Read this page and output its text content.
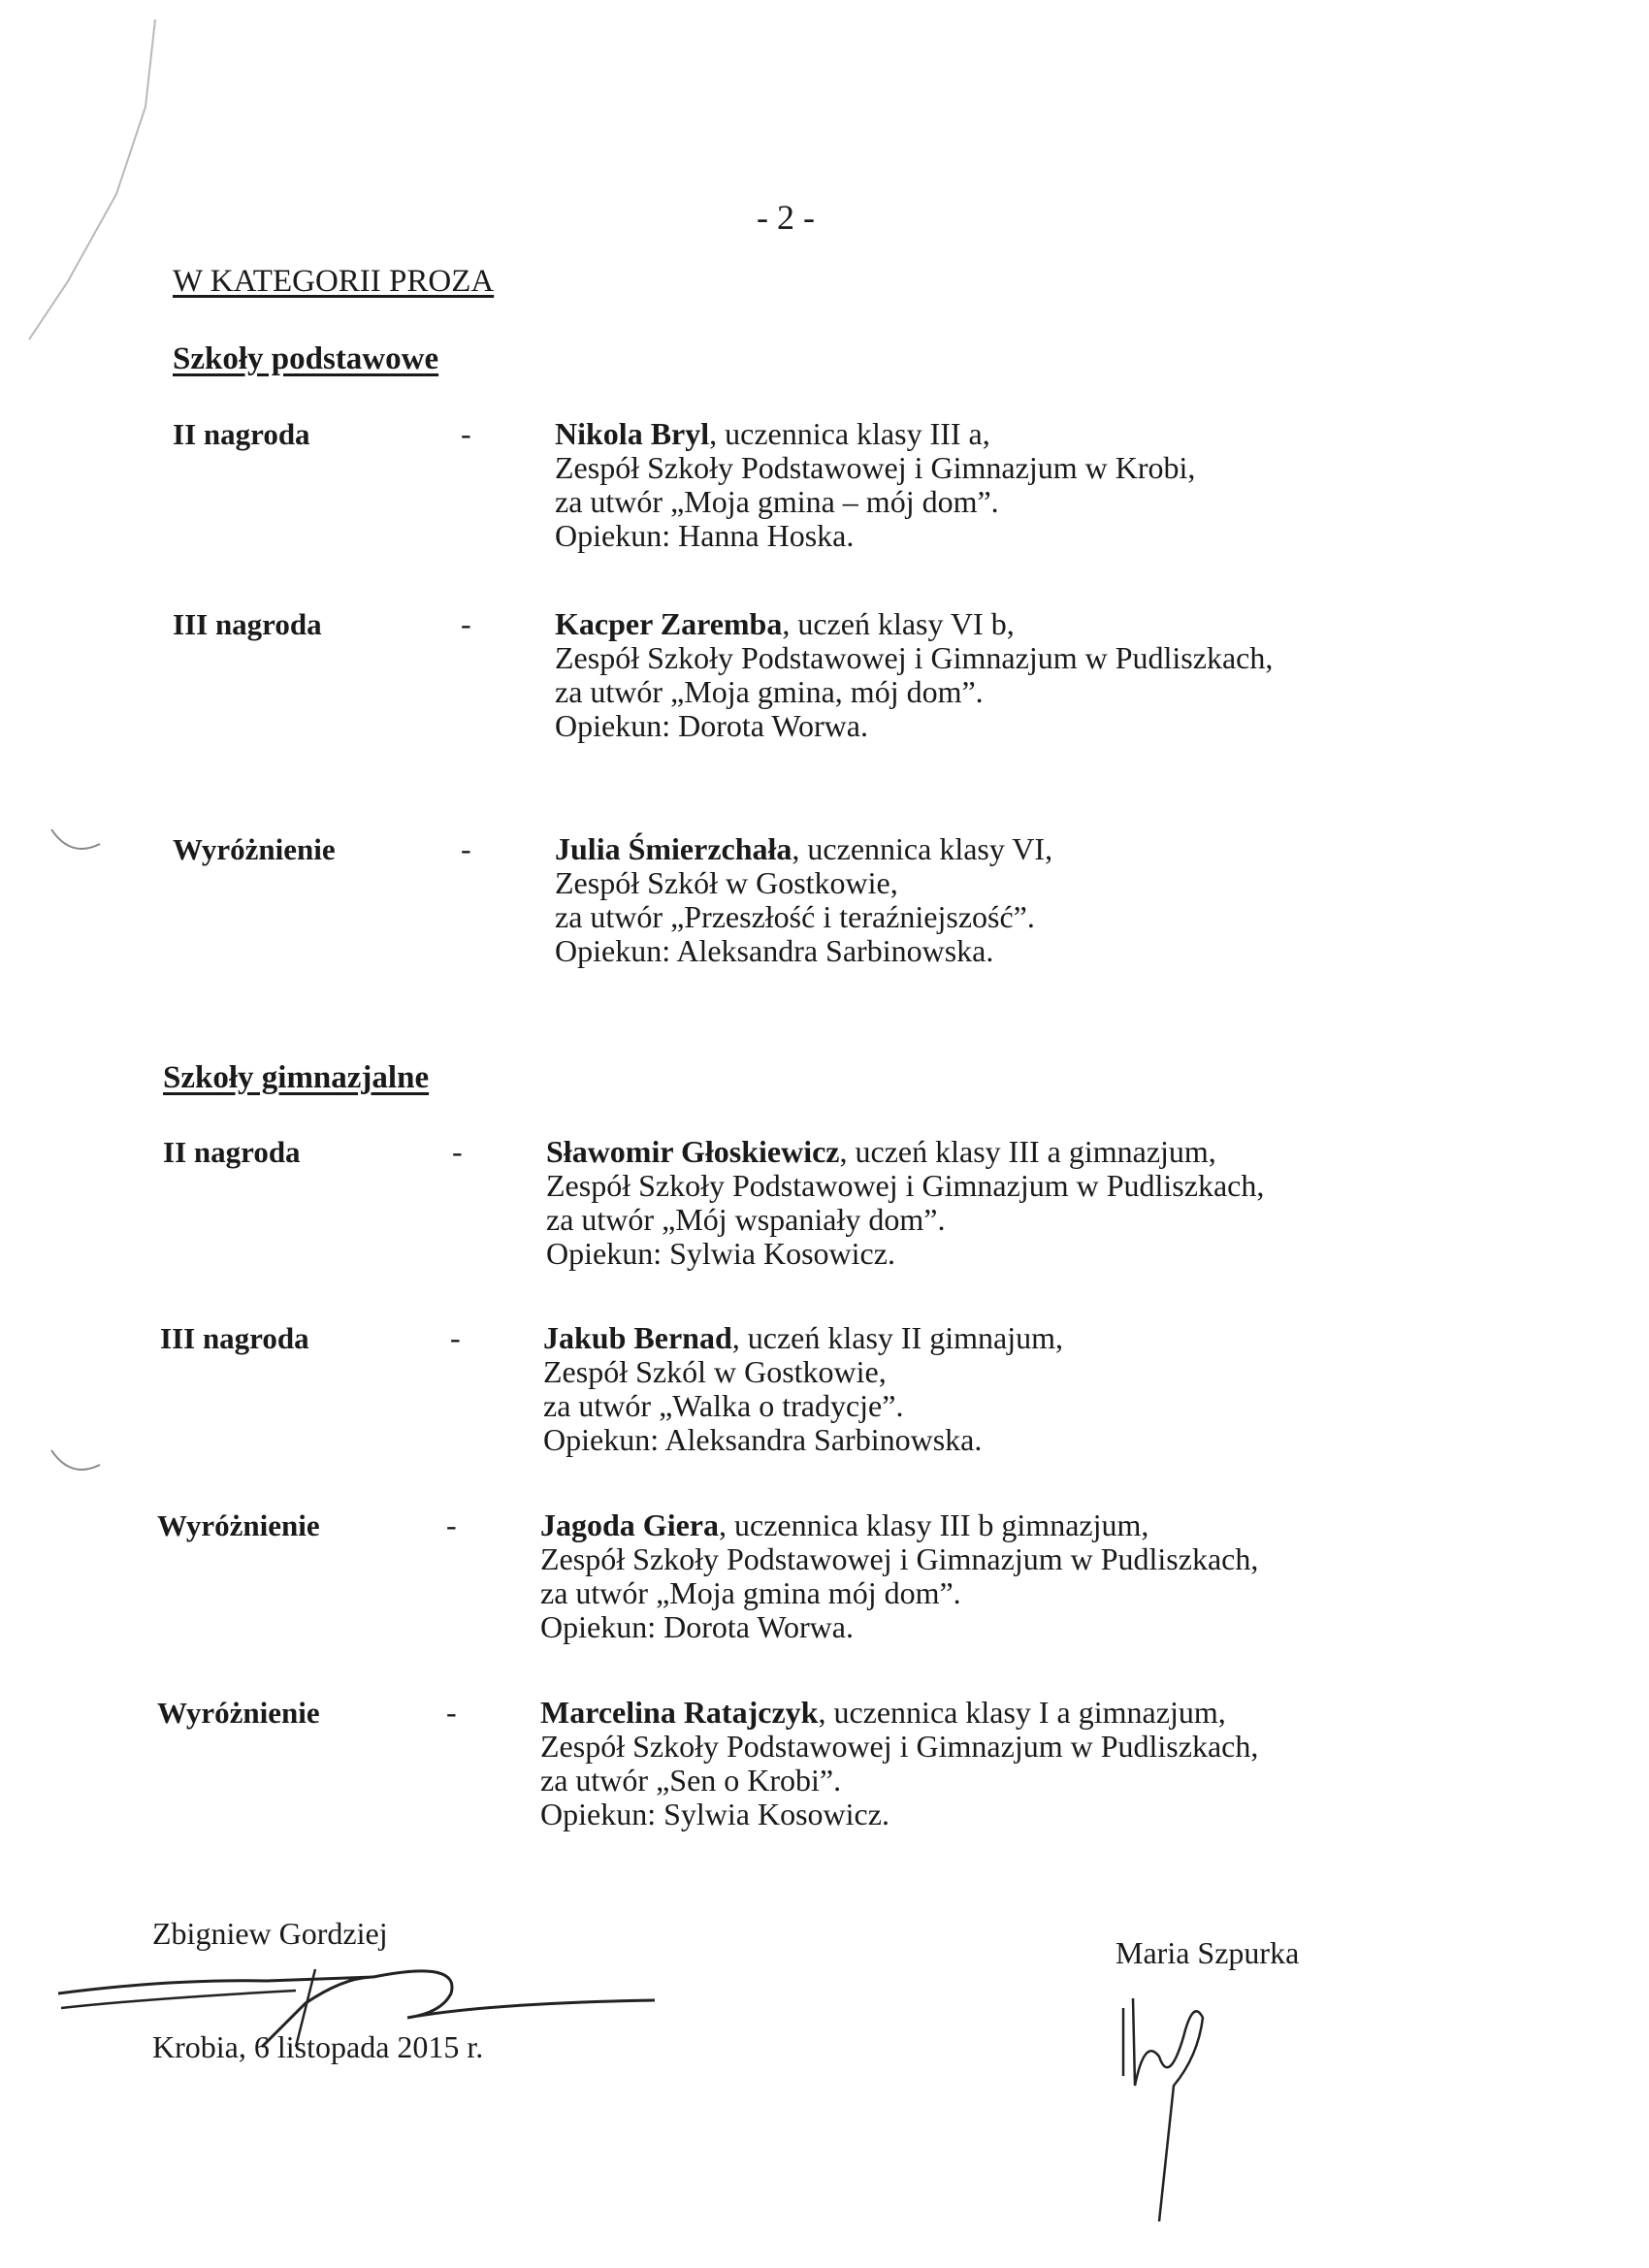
- 2 -
W KATEGORII PROZA
Szkoły podstawowe
II nagroda	-	Nikola Bryl, uczennica klasy III a,
Zespół Szkoły Podstawowej i Gimnazjum w Krobi,
za utwór „Moja gmina – mój dom”.
Opiekun: Hanna Hoska.
III nagroda	-	Kacper Zaremba, uczeń klasy VI b,
Zespół Szkoły Podstawowej i Gimnazjum w Pudliszkach,
za utwór „Moja gmina, mój dom”.
Opiekun: Dorota Worwa.
Wyróżnienie	-	Julia Śmierzchała, uczennica klasy VI,
Zespół Szkół w Gostkowie,
za utwór „Przeszłość i teraźniejszość”.
Opiekun: Aleksandra Sarbinowska.
Szkoły gimnazjalne
II nagroda	-	Sławomir Głoskiewicz, uczeń klasy III a gimnazjum,
Zespół Szkoły Podstawowej i Gimnazjum w Pudliszkach,
za utwór „Mój wspaniały dom”.
Opiekun: Sylwia Kosowicz.
III nagroda	-	Jakub Bernad, uczeń klasy II gimnajum,
Zespół Szkól w Gostkowie,
za utwór „Walka o tradycje”.
Opiekun: Aleksandra Sarbinowska.
Wyróżnienie	-	Jagoda Giera, uczennica klasy III b gimnazjum,
Zespół Szkoły Podstawowej i Gimnazjum w Pudliszkach,
za utwór „Moja gmina mój dom”.
Opiekun: Dorota Worwa.
Wyróżnienie	-	Marcelina Ratajczyk, uczennica klasy I a gimnazjum,
Zespół Szkoły Podstawowej i Gimnazjum w Pudliszkach,
za utwór „Sen o Krobi”.
Opiekun: Sylwia Kosowicz.
Zbigniew Gordziej
Krobia, 6 listopada 2015 r.
Maria Szpurka
